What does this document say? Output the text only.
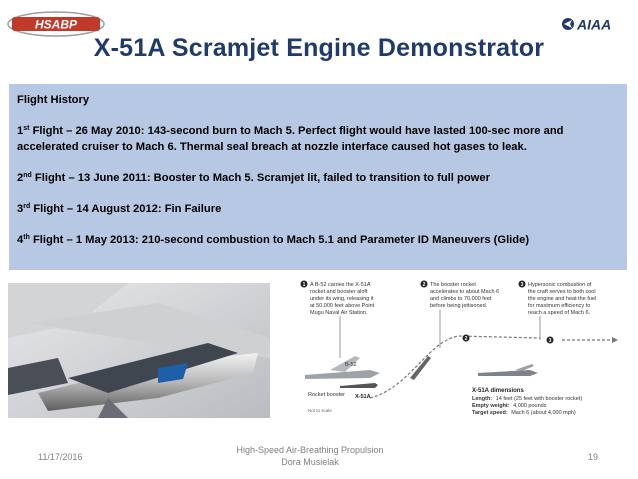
HSABP	AIAA
X-51A Scramjet Engine Demonstrator

Flight History

1st Flight – 26 May 2010: 143-second burn to Mach 5. Perfect flight would have lasted 100-sec more and accelerated cruiser to Mach 6. Thermal seal breach at nozzle interface caused hot gases to leak.

2nd Flight – 13 June 2011: Booster to Mach 5. Scramjet lit, failed to transition to full power

3rd Flight – 14 August 2012: Fin Failure

4th Flight – 1 May 2013: 210-second combustion to Mach 5.1 and Parameter ID Maneuvers (Glide)

1 A B-52 carries the X-51A rocket and booster aloft under its wing, releasing it at 50,000 feet above Point Mugu Naval Air Station.
2 The booster rocket accelerates to about Mach 6 and climbs to 70,000 feet before being jettisoned.
3 Hypersonic combustion of the craft serves to both cool the engine and heat the fuel for maximum efficiency to reach a speed of Mach 6.
2	3
B-52
Rocket booster X-51A
Not to scale
X-51A dimensions
Length: 14 feet (25 feet with booster rocket) Empty weight: 4,000 pounds Target speed: Mach 6 (about 4,000 mph)
11/17/2016
High-Speed Air-Breathing Propulsion
Dora Musielak	19
